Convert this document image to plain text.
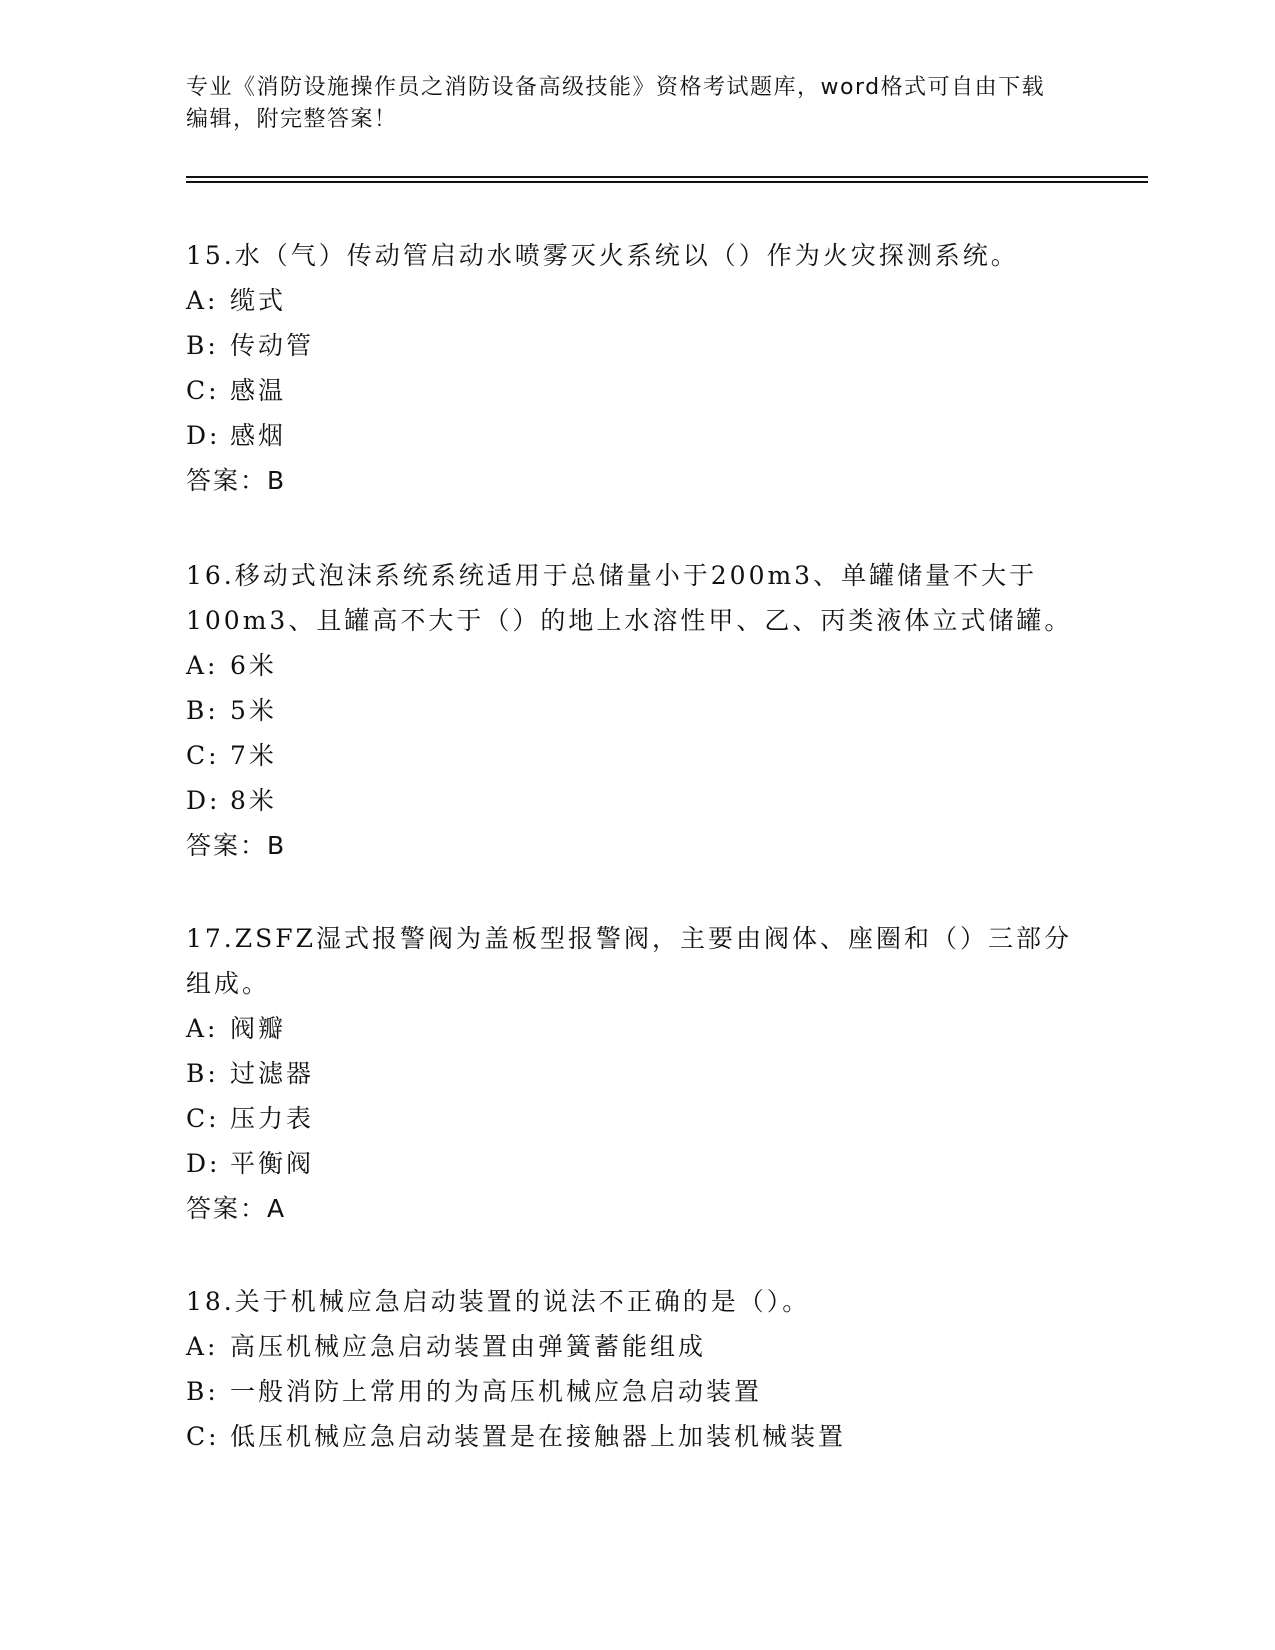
专业《消防设施操作员之消防设备高级技能》资格考试题库，word格式可自由下载编辑，附完整答案！
15.水（气）传动管启动水喷雾灭火系统以（）作为火灾探测系统。
A: 缆式
B: 传动管
C: 感温
D: 感烟
答案：B
16.移动式泡沫系统系统适用于总储量小于200m3、单罐储量不大于100m3、且罐高不大于（）的地上水溶性甲、乙、丙类液体立式储罐。
A: 6米
B: 5米
C: 7米
D: 8米
答案：B
17.ZSFZ湿式报警阀为盖板型报警阀，主要由阀体、座圈和（）三部分组成。
A: 阀瓣
B: 过滤器
C: 压力表
D: 平衡阀
答案：A
18.关于机械应急启动装置的说法不正确的是（）。
A: 高压机械应急启动装置由弹簧蓄能组成
B: 一般消防上常用的为高压机械应急启动装置
C: 低压机械应急启动装置是在接触器上加装机械装置
